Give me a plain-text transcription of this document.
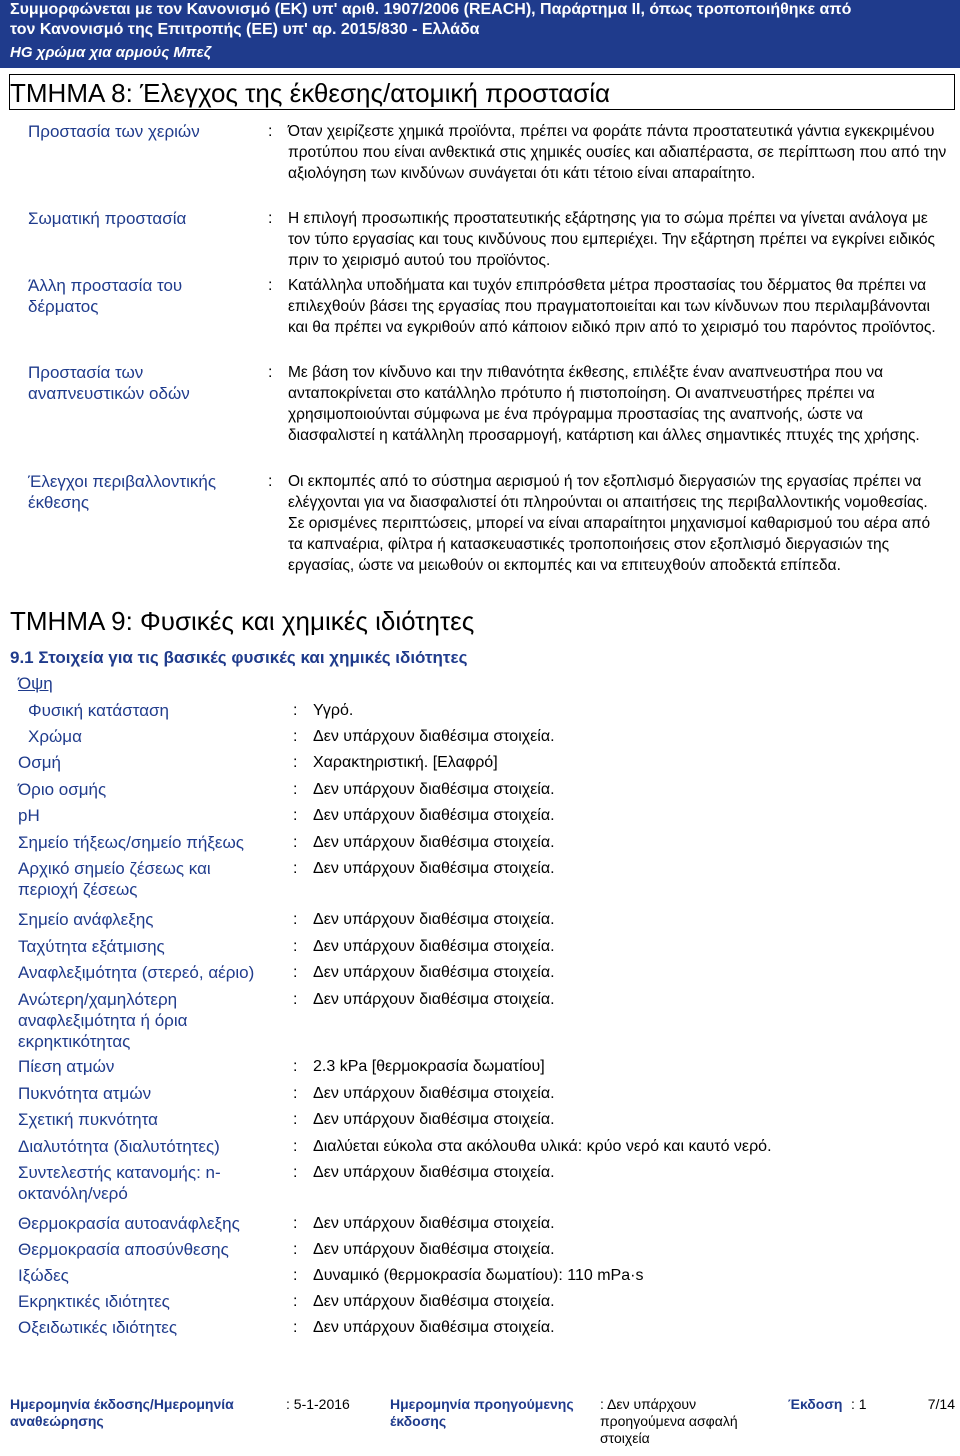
Συμμορφώνεται με τον Κανονισμό (ΕΚ) υπ' αριθ. 1907/2006 (REACH), Παράρτημα II, όπως τροποποιήθηκε από
τον Κανονισμό της Επιτροπής (ΕΕ) υπ' αρ. 2015/830 - Ελλάδα
HG χρώμα χια αρμούς Μπεζ
ΤΜΗΜΑ 8: Έλεγχος της έκθεσης/ατομική προστασία
Προστασία των χεριών	: Όταν χειρίζεστε χημικά προϊόντα, πρέπει να φοράτε πάντα προστατευτικά γάντια εγκεκριμένου προτύπου που είναι ανθεκτικά στις χημικές ουσίες και αδιαπέραστα, σε περίπτωση που από την αξιολόγηση των κινδύνων συνάγεται ότι κάτι τέτοιο είναι απαραίτητο.
Σωματική προστασία	: Η επιλογή προσωπικής προστατευτικής εξάρτησης για το σώμα πρέπει να γίνεται ανάλογα με τον τύπο εργασίας και τους κινδύνους που εμπεριέχει. Την εξάρτηση πρέπει να εγκρίνει ειδικός πριν το χειρισμό αυτού του προϊόντος.
Άλλη προστασία του δέρματος
: Κατάλληλα υποδήματα και τυχόν επιπρόσθετα μέτρα προστασίας του δέρματος θα πρέπει να επιλεχθούν βάσει της εργασίας που πραγματοποιείται και των κίνδυνων που περιλαμβάνονται και θα πρέπει να εγκριθούν από κάποιον ειδικό πριν από το χειρισμό του παρόντος προϊόντος.
Προστασία των αναπνευστικών οδών
: Με βάση τον κίνδυνο και την πιθανότητα έκθεσης, επιλέξτε έναν αναπνευστήρα που να ανταποκρίνεται στο κατάλληλο πρότυπο ή πιστοποίηση. Οι αναπνευστήρες πρέπει να χρησιμοποιούνται σύμφωνα με ένα πρόγραμμα προστασίας της αναπνοής, ώστε να διασφαλιστεί η κατάλληλη προσαρμογή, κατάρτιση και άλλες σημαντικές πτυχές της χρήσης.
Έλεγχοι περιβαλλοντικής έκθεσης
: Οι εκπομπές από το σύστημα αερισμού ή τον εξοπλισμό διεργασιών της εργασίας πρέπει να ελέγχονται για να διασφαλιστεί ότι πληρούνται οι απαιτήσεις της περιβαλλοντικής νομοθεσίας. Σε ορισμένες περιπτώσεις, μπορεί να είναι απαραίτητοι μηχανισμοί καθαρισμού του αέρα από τα καπναέρια, φίλτρα ή κατασκευαστικές τροποποιήσεις στον εξοπλισμό διεργασιών της εργασίας, ώστε να μειωθούν οι εκπομπές και να επιτευχθούν αποδεκτά επίπεδα.
ΤΜΗΜΑ 9: Φυσικές και χημικές ιδιότητες
9.1 Στοιχεία για τις βασικές φυσικές και χημικές ιδιότητες
Όψη
Φυσική κατάσταση	: Υγρό.
Χρώμα	: Δεν υπάρχουν διαθέσιμα στοιχεία.
Οσμή	: Χαρακτηριστική. [Ελαφρό]
Όριο οσμής	: Δεν υπάρχουν διαθέσιμα στοιχεία.
pH	: Δεν υπάρχουν διαθέσιμα στοιχεία.
Σημείο τήξεως/σημείο πήξεως	: Δεν υπάρχουν διαθέσιμα στοιχεία.
Αρχικό σημείο ζέσεως και περιοχή ζέσεως
: Δεν υπάρχουν διαθέσιμα στοιχεία.
Σημείο ανάφλεξης	: Δεν υπάρχουν διαθέσιμα στοιχεία.
Ταχύτητα εξάτμισης	: Δεν υπάρχουν διαθέσιμα στοιχεία.
Αναφλεξιμότητα (στερεό, αέριο)	: Δεν υπάρχουν διαθέσιμα στοιχεία.
Ανώτερη/χαμηλότερη αναφλεξιμότητα ή όρια εκρηκτικότητας
: Δεν υπάρχουν διαθέσιμα στοιχεία.
Πίεση ατμών	: 2.3 kPa [θερμοκρασία δωματίου]
Πυκνότητα ατμών	: Δεν υπάρχουν διαθέσιμα στοιχεία.
Σχετική πυκνότητα	: Δεν υπάρχουν διαθέσιμα στοιχεία.
Διαλυτότητα (διαλυτότητες)	: Διαλύεται εύκολα στα ακόλουθα υλικά: κρύο νερό και καυτό νερό.
Συντελεστής κατανομής: n-οκτανόλη/νερό
: Δεν υπάρχουν διαθέσιμα στοιχεία.
Θερμοκρασία αυτοανάφλεξης	: Δεν υπάρχουν διαθέσιμα στοιχεία.
Θερμοκρασία αποσύνθεσης	: Δεν υπάρχουν διαθέσιμα στοιχεία.
Ιξώδες	: Δυναμικό (θερμοκρασία δωματίου): 110 mPa·s
Εκρηκτικές ιδιότητες	: Δεν υπάρχουν διαθέσιμα στοιχεία.
Οξειδωτικές ιδιότητες	: Δεν υπάρχουν διαθέσιμα στοιχεία.
Ημερομηνία έκδοσης/Ημερομηνία αναθεώρησης
: 5-1-2016	Ημερομηνία προηγούμενης έκδοσης
: Δεν υπάρχουν προηγούμενα ασφαλή στοιχεία
Έκδοση : 1	7/14
